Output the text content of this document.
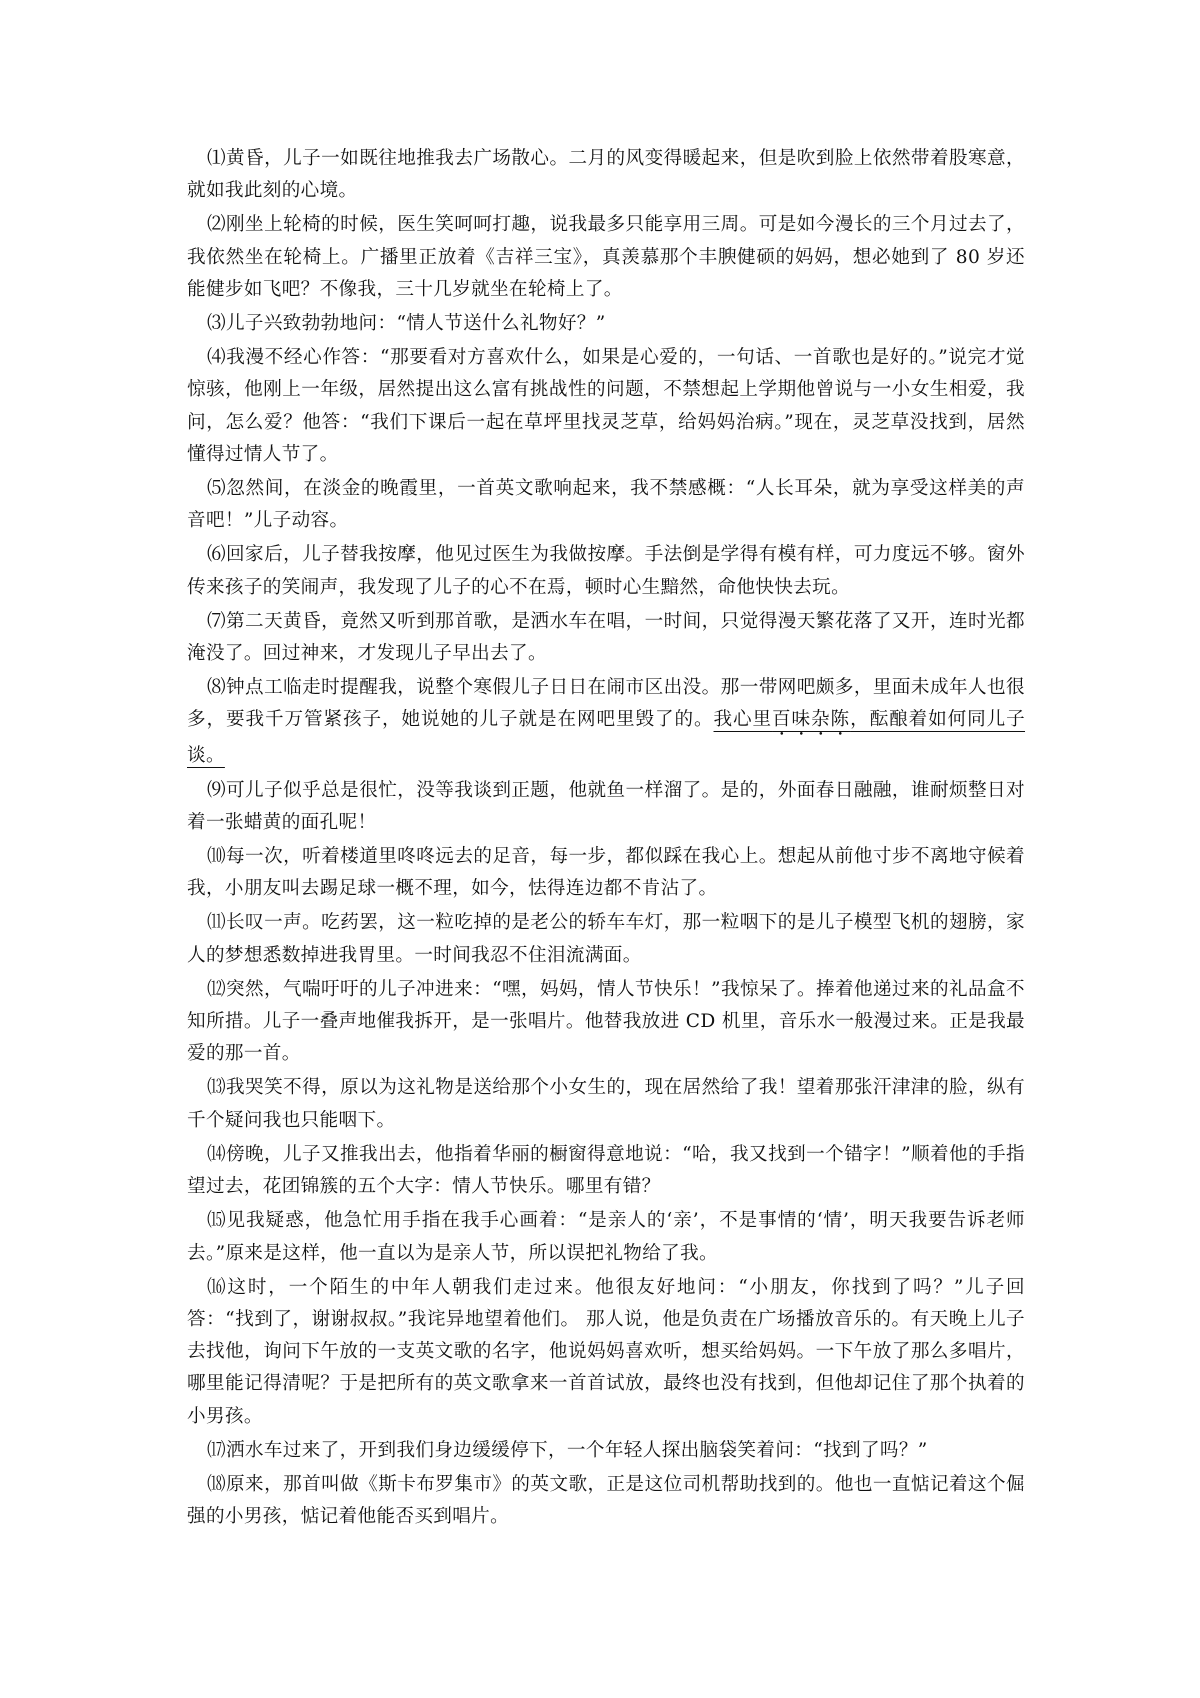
⑴黄昏，儿子一如既往地推我去广场散心。二月的风变得暖起来，但是吹到脸上依然带着股寒意，就如我此刻的心境。

⑵刚坐上轮椅的时候，医生笑呵呵打趣，说我最多只能享用三周。可是如今漫长的三个月过去了，我依然坐在轮椅上。广播里正放着《吉祥三宝》，真羡慕那个丰腴健硕的妈妈，想必她到了 80 岁还能健步如飞吧？不像我，三十几岁就坐在轮椅上了。

⑶儿子兴致勃勃地问：“情人节送什么礼物好？”

⑷我漫不经心作答：“那要看对方喜欢什么，如果是心爱的，一句话、一首歌也是好的。”说完才觉惊骇，他刚上一年级，居然提出这么富有挑战性的问题，不禁想起上学期他曾说与一小女生相爱，我问，怎么爱？他答：“我们下课后一起在草坪里找灵芝草，给妈妈治病。”现在，灵芝草没找到，居然懂得过情人节了。

⑸忽然间，在淡金的晚霞里，一首英文歌响起来，我不禁感概：“人长耳朵，就为享受这样美的声音吧！”儿子动容。

⑹回家后，儿子替我按摩，他见过医生为我做按摩。手法倒是学得有模有样，可力度远不够。窗外传来孩子的笑闹声，我发现了儿子的心不在焉，顿时心生黯然，命他快快去玩。

⑺第二天黄昏，竟然又听到那首歌，是洒水车在唱，一时间，只觉得漫天繁花落了又开，连时光都淹没了。回过神来，才发现儿子早出去了。

⑻钟点工临走时提醒我，说整个寒假儿子日日在闹市区出没。那一带网吧颇多，里面未成年人也很多，要我千万管紧孩子，她说她的儿子就是在网吧里毁了的。我心里百味杂陈，酝酿着如何同儿子谈。

⑼可儿子似乎总是很忙，没等我谈到正题，他就鱼一样溜了。是的，外面春日融融，谁耐烦整日对着一张蜡黄的面孔呢！

⑽每一次，听着楼道里咚咚远去的足音，每一步，都似踩在我心上。想起从前他寸步不离地守候着我，小朋友叫去踢足球一概不理，如今，怯得连边都不肯沾了。

⑾长叹一声。吃药罢，这一粒吃掉的是老公的轿车车灯，那一粒咽下的是儿子模型飞机的翅膀，家人的梦想悉数掉进我胃里。一时间我忍不住泪流满面。

⑿突然，气喘吁吁的儿子冲进来：“嘿，妈妈，情人节快乐！”我惊呆了。捧着他递过来的礼品盒不知所措。儿子一叠声地催我拆开，是一张唱片。他替我放进 CD 机里，音乐水一般漫过来。正是我最爱的那一首。

⒀我哭笑不得，原以为这礼物是送给那个小女生的，现在居然给了我！望着那张汗津津的脸，纵有千个疑问我也只能咽下。

⒁傍晚，儿子又推我出去，他指着华丽的橱窗得意地说：“哈，我又找到一个错字！”顺着他的手指望过去，花团锦簇的五个大字：情人节快乐。哪里有错？

⒂见我疑惑，他急忙用手指在我手心画着：“是亲人的‘亲’，不是事情的‘情’，明天我要告诉老师去。”原来是这样，他一直以为是亲人节，所以误把礼物给了我。

⒃这时，一个陌生的中年人朝我们走过来。他很友好地问：“小朋友，你找到了吗？”儿子回答：“找到了，谢谢叔叔。”我诧异地望着他们。 那人说，他是负责在广场播放音乐的。有天晚上儿子去找他，询问下午放的一支英文歌的名字，他说妈妈喜欢听，想买给妈妈。一下午放了那么多唱片，哪里能记得清呢？于是把所有的英文歌拿来一首首试放，最终也没有找到，但他却记住了那个执着的小男孩。

⒄洒水车过来了，开到我们身边缓缓停下，一个年轻人探出脑袋笑着问：“找到了吗？”

⒅原来，那首叫做《斯卡布罗集市》的英文歌，正是这位司机帮助找到的。他也一直惦记着这个倔强的小男孩，惦记着他能否买到唱片。
